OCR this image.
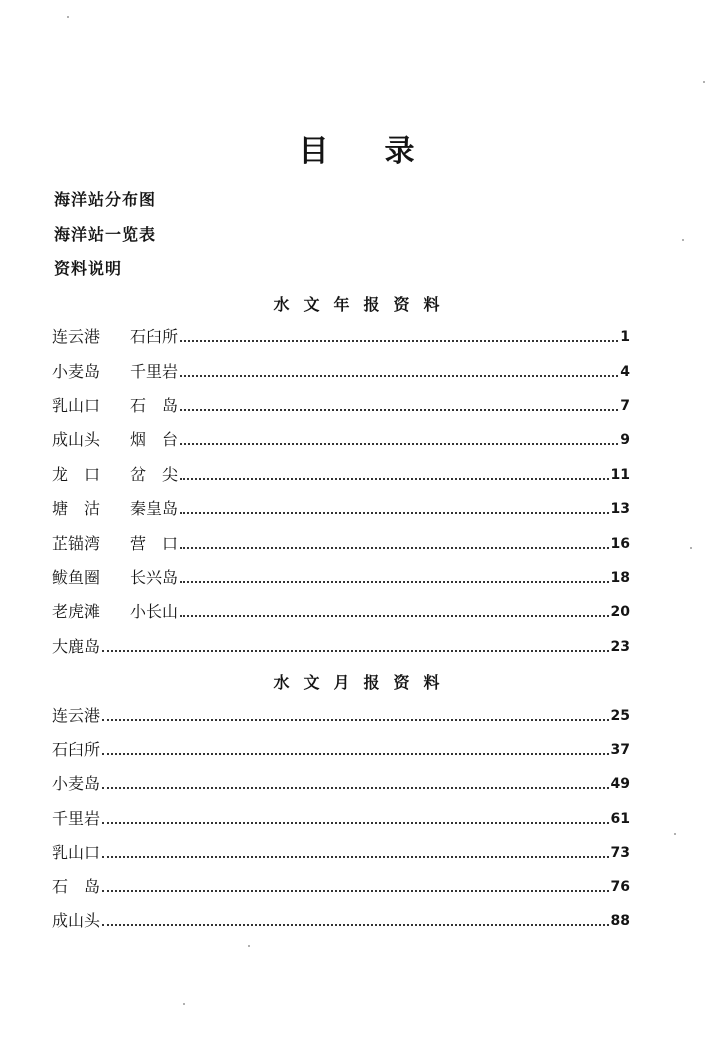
目 录
海洋站分布图
海洋站一览表
资料说明
水文年报资料
连云港	石臼所	1
小麦岛	千里岩	4
乳山口	石　岛	7
成山头	烟　台	9
龙　口	岔　尖	11
塘　沽	秦皇岛	13
芷锚湾	营　口	16
鲅鱼圈	长兴岛	18
老虎滩	小长山	20
大鹿岛	23
水文月报资料
连云港	25
石臼所	37
小麦岛	49
千里岩	61
乳山口	73
石　岛	76
成山头	88
